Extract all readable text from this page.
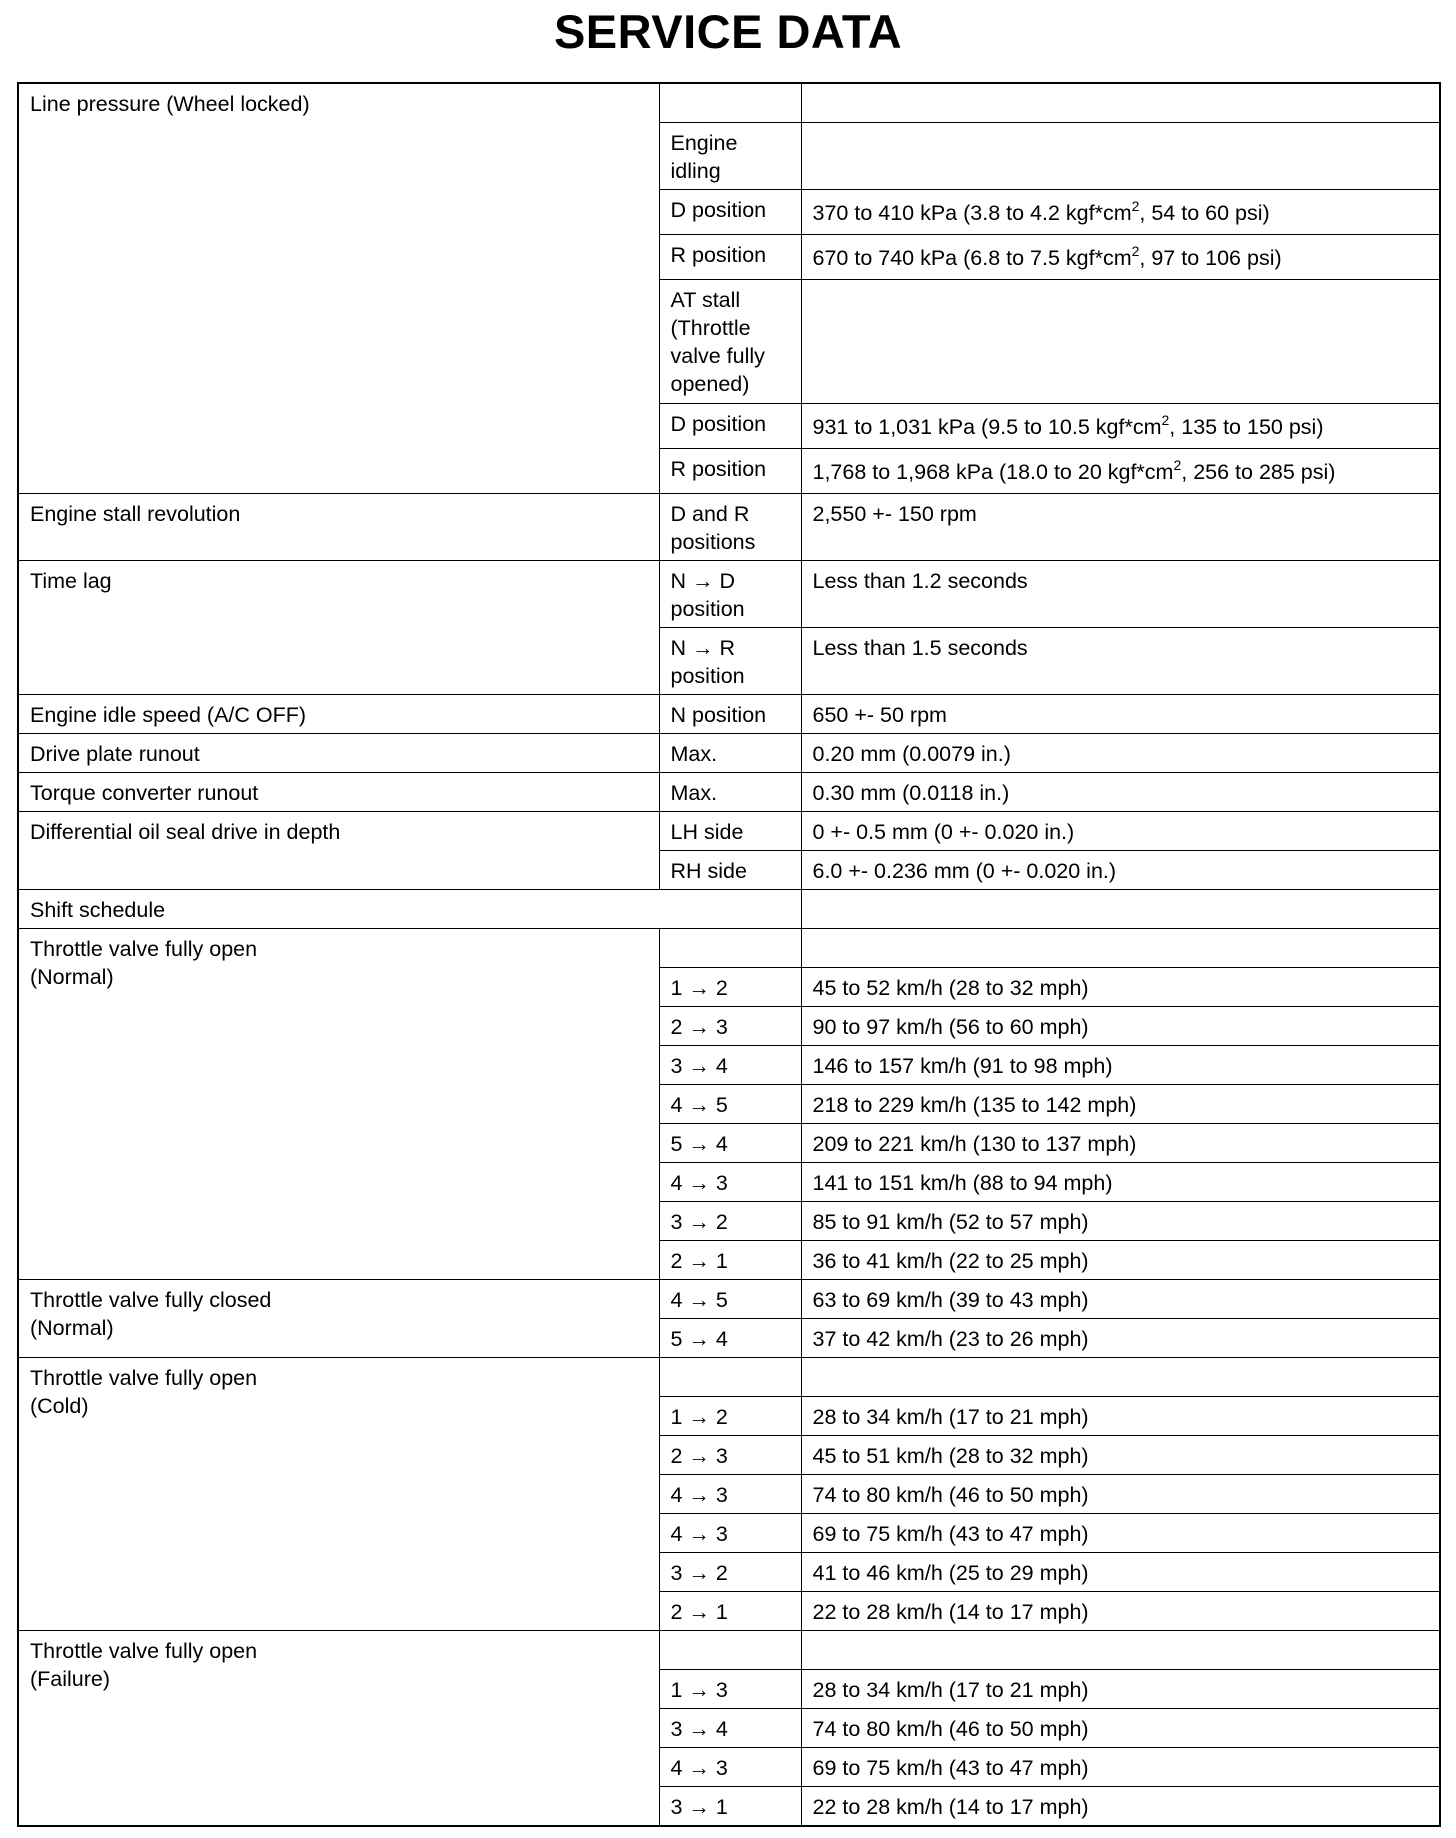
SERVICE DATA
Line pressure (Wheel locked)		
	Engine idling	
	D position	370 to 410 kPa (3.8 to 4.2 $kgf*cm^2$, 54 to 60 psi)
	R position	670 to 740 kPa (6.8 to 7.5 $kgf*cm^2$, 97 to 106 psi)
	AT stall (Throttle valve fully opened)	
	D position	931 to 1,031 kPa (9.5 to 10.5 $kgf*cm^2$, 135 to 150 psi)
	R position	1,768 to 1,968 kPa (18.0 to 20 $kgf*cm^2$, 256 to 285 psi)
Engine stall revolution	D and R positions	2,550 +- 150 rpm
Time lag	N → D position	Less than 1.2 seconds
	N → R position	Less than 1.5 seconds
Engine idle speed (A/C OFF)	N position	650 +- 50 rpm
Drive plate runout	Max.	0.20 mm (0.0079 in.)
Torque converter runout	Max.	0.30 mm (0.0118 in.)
Differential oil seal drive in depth	LH side	0 +- 0.5 mm (0 +- 0.020 in.)
	RH side	6.0 +- 0.236 mm (0 +- 0.020 in.)
Shift schedule		
Throttle valve fully open
(Normal)		
	1 → 2	45 to 52 km/h (28 to 32 mph)
	2 → 3	90 to 97 km/h (56 to 60 mph)
	3 → 4	146 to 157 km/h (91 to 98 mph)
	4 → 5	218 to 229 km/h (135 to 142 mph)
	5 → 4	209 to 221 km/h (130 to 137 mph)
	4 → 3	141 to 151 km/h (88 to 94 mph)
	3 → 2	85 to 91 km/h (52 to 57 mph)
	2 → 1	36 to 41 km/h (22 to 25 mph)
Throttle valve fully closed
(Normal)	4 → 5	63 to 69 km/h (39 to 43 mph)
	5 → 4	37 to 42 km/h (23 to 26 mph)
Throttle valve fully open
(Cold)		
	1 → 2	28 to 34 km/h (17 to 21 mph)
	2 → 3	45 to 51 km/h (28 to 32 mph)
	4 → 3	74 to 80 km/h (46 to 50 mph)
	4 → 3	69 to 75 km/h (43 to 47 mph)
	3 → 2	41 to 46 km/h (25 to 29 mph)
	2 → 1	22 to 28 km/h (14 to 17 mph)
Throttle valve fully open
(Failure)		
	1 → 3	28 to 34 km/h (17 to 21 mph)
	3 → 4	74 to 80 km/h (46 to 50 mph)
	4 → 3	69 to 75 km/h (43 to 47 mph)
	3 → 1	22 to 28 km/h (14 to 17 mph)
